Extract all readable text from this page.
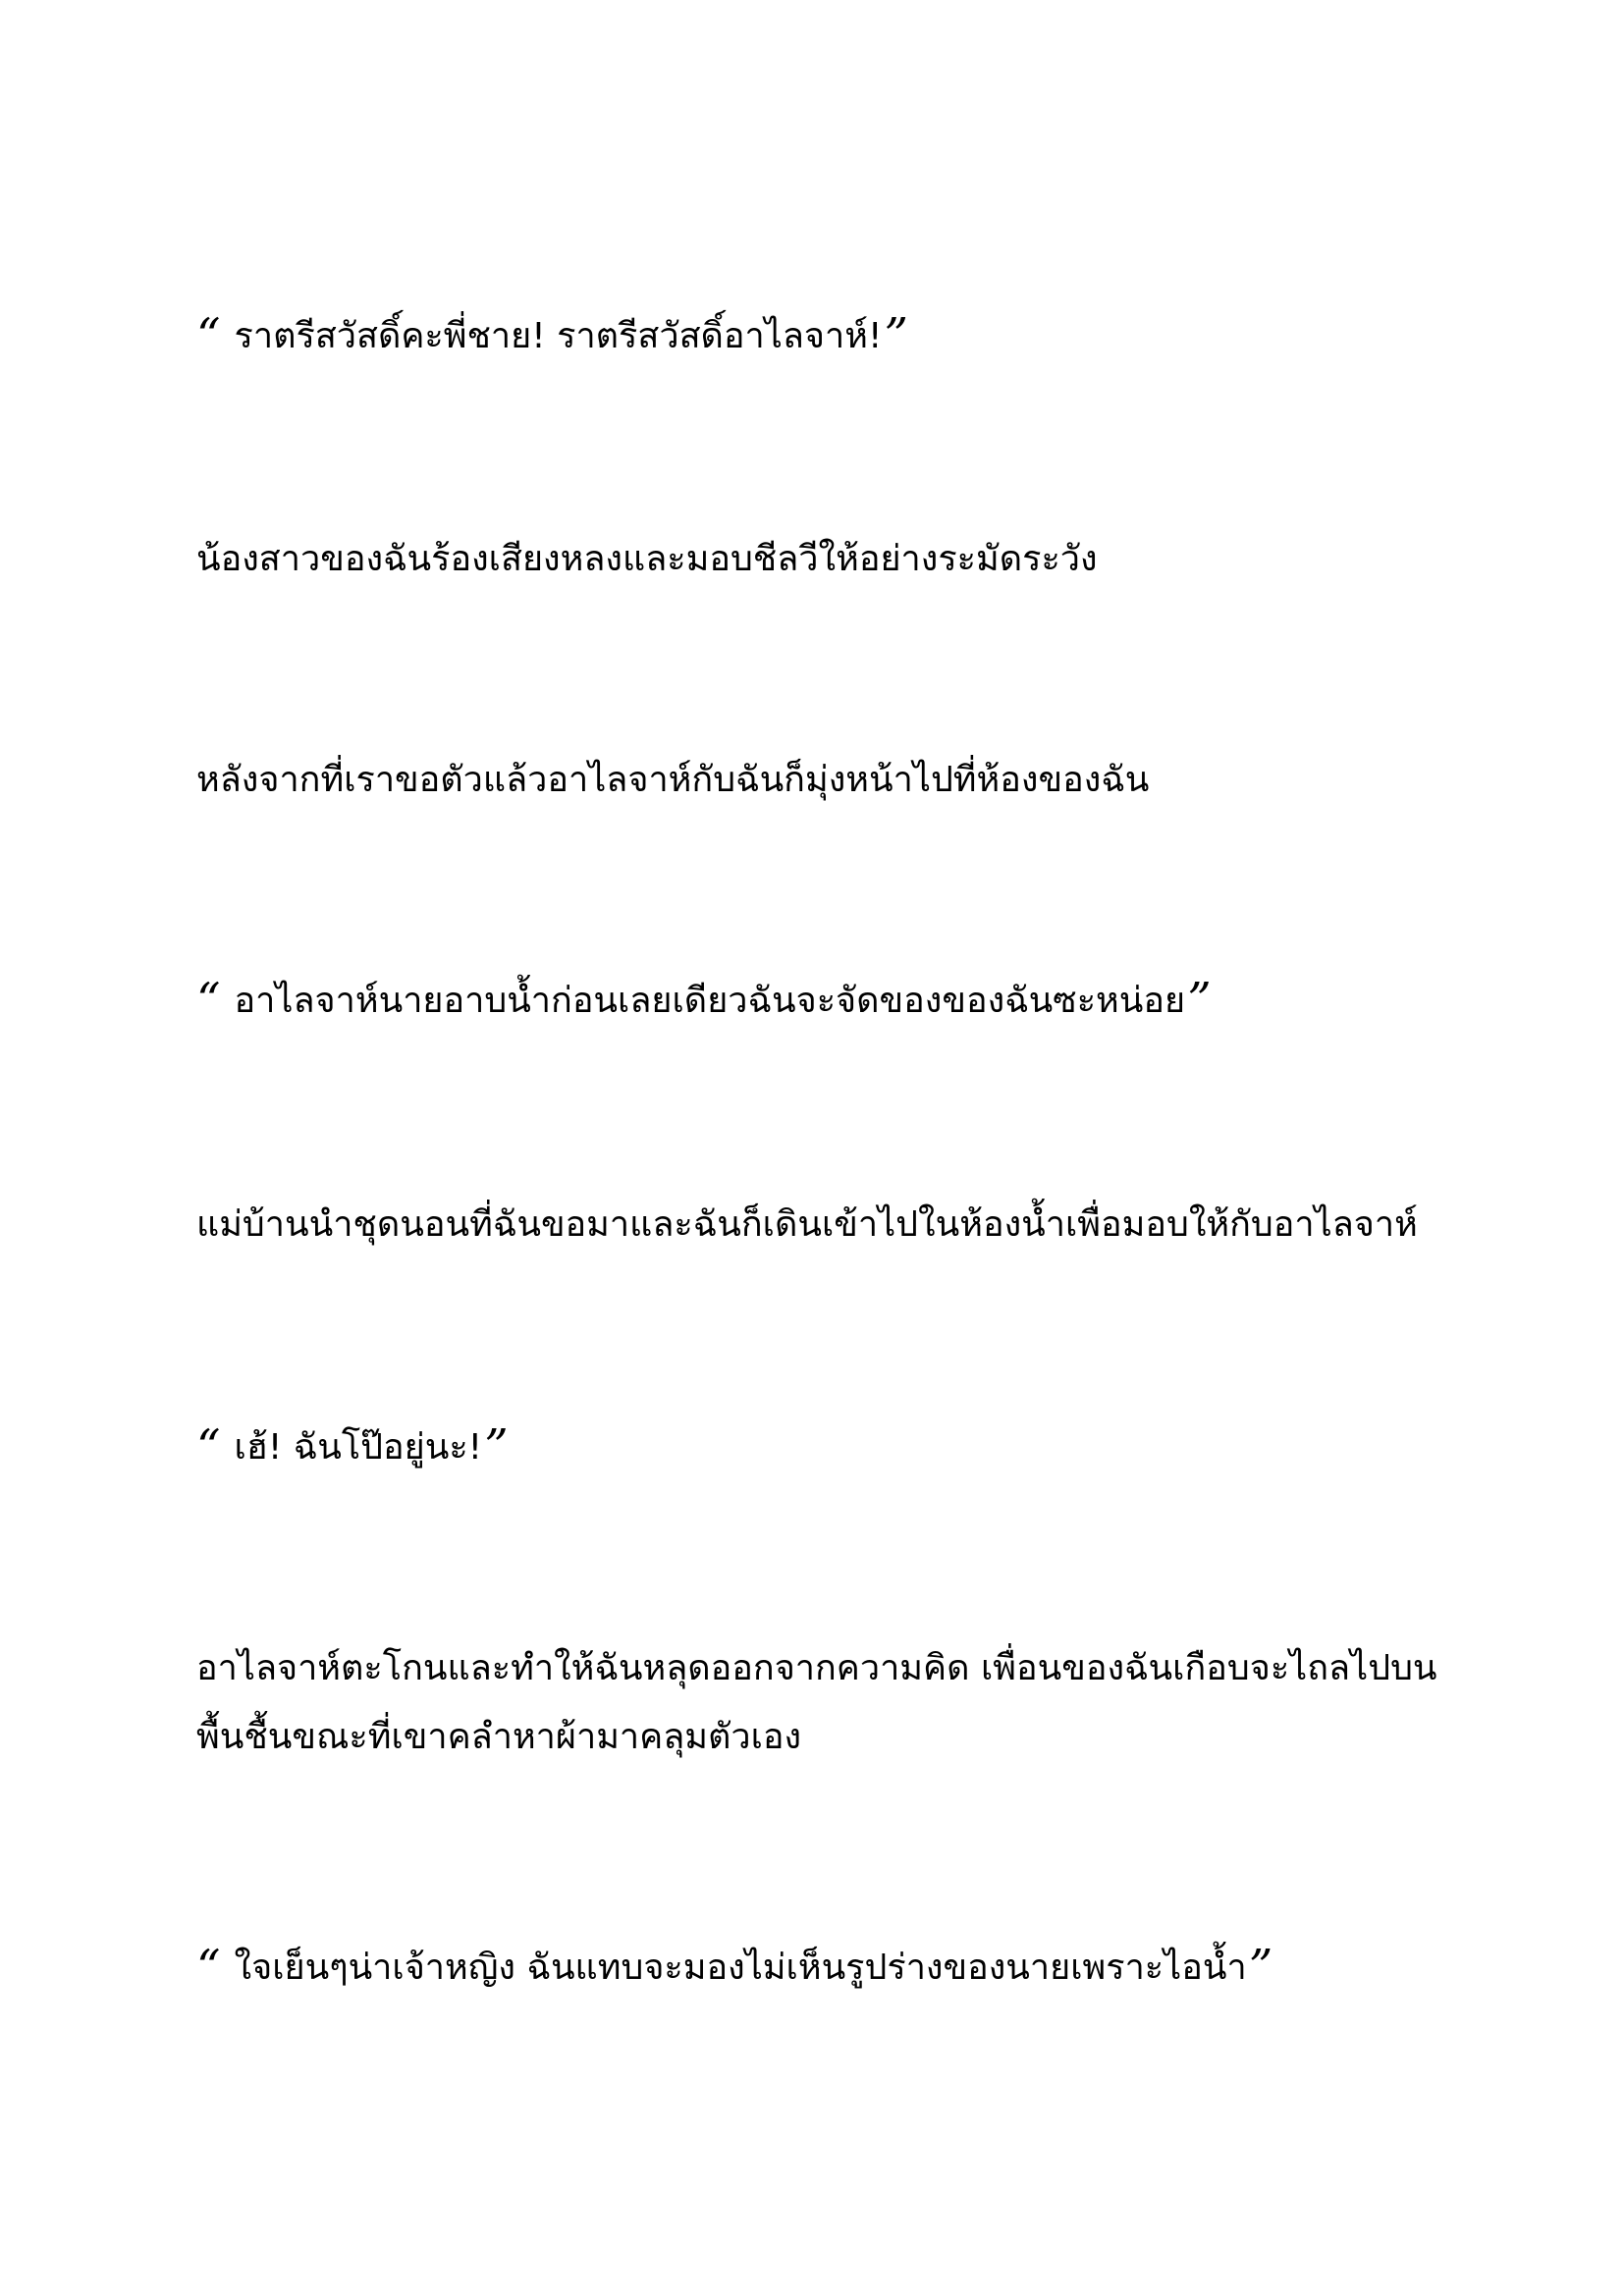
“ ราตรีสวัสดิ์คะพี่ชาย! ราตรีสวัสดิ์อาไลจาห์!”

น้องสาวของฉันร้องเสียงหลงและมอบชีลวีให้อย่างระมัดระวัง

หลังจากที่เราขอตัวแล้วอาไลจาห์กับฉันก็มุ่งหน้าไปที่ห้องของฉัน

“ อาไลจาห์นายอาบน้ำก่อนเลยเดียวฉันจะจัดของของฉันซะหน่อย”

แม่บ้านนำชุดนอนที่ฉันขอมาและฉันก็เดินเข้าไปในห้องน้ำเพื่อมอบให้กับอาไลจาห์

“ เฮ้! ฉันโป๊อยู่นะ!”

อาไลจาห์ตะโกนและทำให้ฉันหลุดออกจากความคิด เพื่อนของฉันเกือบจะไถลไปบน
พื้นชื้นขณะที่เขาคลำหาผ้ามาคลุมตัวเอง

“ ใจเย็นๆน่าเจ้าหญิง ฉันแทบจะมองไม่เห็นรูปร่างของนายเพราะไอน้ำ”
